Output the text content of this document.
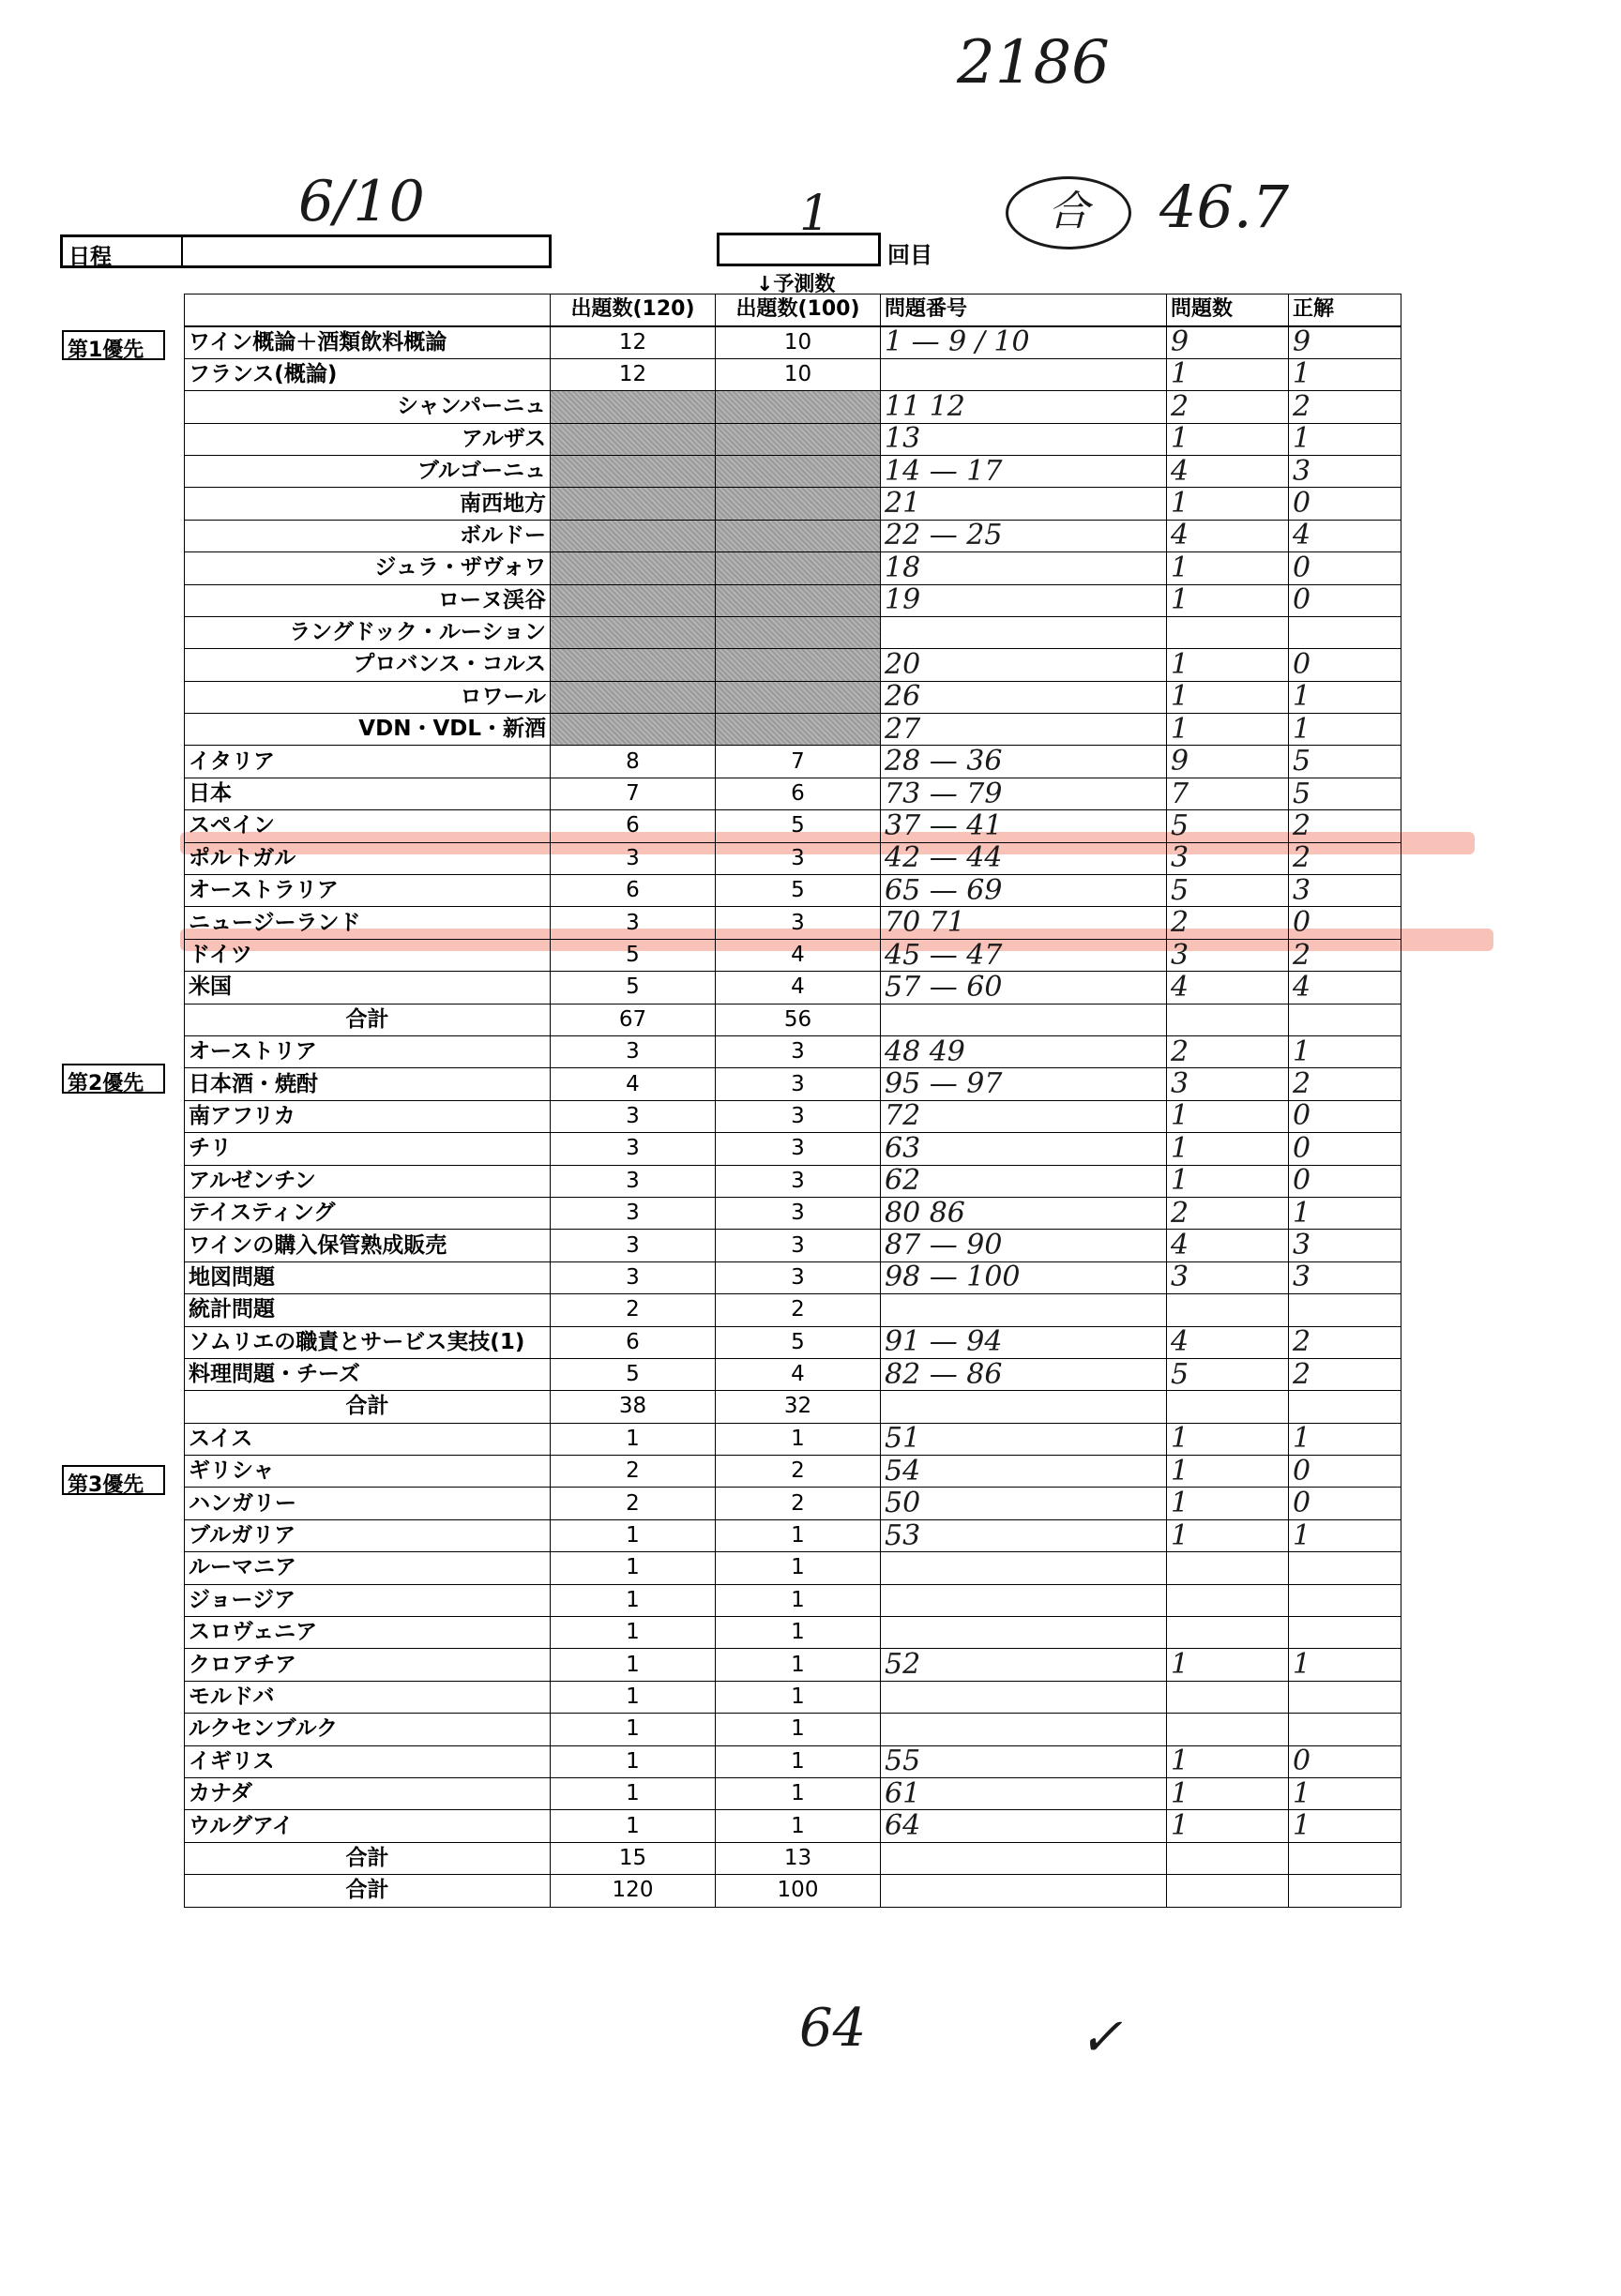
2186
6/10	合	46.7
1
日程	回目
↓予測数
第1優先
第2優先
第3優先
	出題数(120)	出題数(100)	問題番号	問題数	正解
ワイン概論＋酒類飲料概論	12	10	1 — 9 / 10	9	9
フランス(概論)	12	10		1	1
シャンパーニュ			11 12	2	2
アルザス			13	1	1
ブルゴーニュ			14 — 17	4	3
南西地方			21	1	0
ボルドー			22 — 25	4	4
ジュラ・ザヴォワ			18	1	0
ローヌ渓谷			19	1	0
ラングドック・ルーション					
プロバンス・コルス			20	1	0
ロワール			26	1	1
VDN・VDL・新酒			27	1	1
イタリア	8	7	28 — 36	9	5
日本	7	6	73 — 79	7	5
スペイン	6	5	37 — 41	5	2
ポルトガル	3	3	42 — 44	3	2
オーストラリア	6	5	65 — 69	5	3
ニュージーランド	3	3	70 71	2	0
ドイツ	5	4	45 — 47	3	2
米国	5	4	57 — 60	4	4
合計	67	56			
オーストリア	3	3	48 49	2	1
日本酒・焼酎	4	3	95 — 97	3	2
南アフリカ	3	3	72	1	0
チリ	3	3	63	1	0
アルゼンチン	3	3	62	1	0
テイスティング	3	3	80 86	2	1
ワインの購入保管熟成販売	3	3	87 — 90	4	3
地図問題	3	3	98 — 100	3	3
統計問題	2	2			
ソムリエの職責とサービス実技(1)	6	5	91 — 94	4	2
料理問題・チーズ	5	4	82 — 86	5	2
合計	38	32			
スイス	1	1	51	1	1
ギリシャ	2	2	54	1	0
ハンガリー	2	2	50	1	0
ブルガリア	1	1	53	1	1
ルーマニア	1	1			
ジョージア	1	1			
スロヴェニア	1	1			
クロアチア	1	1	52	1	1
モルドバ	1	1			
ルクセンブルク	1	1			
イギリス	1	1	55	1	0
カナダ	1	1	61	1	1
ウルグアイ	1	1	64	1	1
合計	15	13			
合計	120	100			
64	✓
